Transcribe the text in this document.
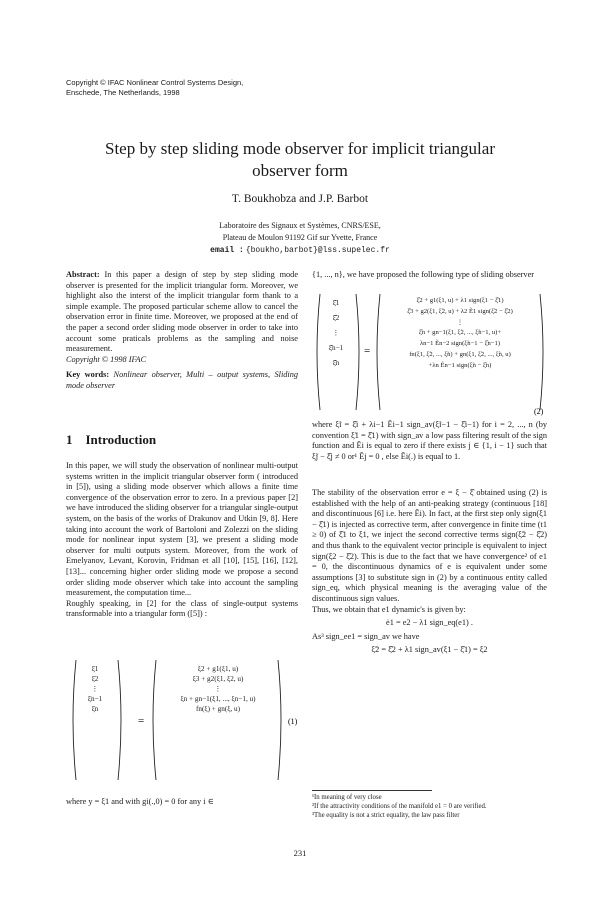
Copyright © IFAC Nonlinear Control Systems Design,
Enschede, The Netherlands, 1998
Step by step sliding mode observer for implicit triangular
observer form
T. Boukhobza and J.P. Barbot
Laboratoire des Signaux et Systèmes, CNRS/ESE,
Plateau de Moulon 91192 Gif sur Yvette, France
email : {boukho,barbot}@lss.supelec.fr
Abstract: In this paper a design of step by step sliding mode observer is presented for the implicit triangular form. Moreover, we highlight also the interst of the implicit triangular form thank to a simple example. The proposed particular scheme allow to cancel the observation error in finite time. Moreover, we proposed at the end of the paper a second order sliding mode observer in order to take into account some praticals problems as the sampling and noise measurement.
Copyright © 1998 IFAC
Key words: Nonlinear observer, Multi – output systems, Sliding mode observer
1 Introduction

In this paper, we will study the observation of nonlinear multi-output systems written in the implicit triangular observer form ( introduced in [5]), using a sliding mode observer which allows a finite time convergence of the observation error to zero. In a previous paper [2] we have introduced the sliding observer for a triangular single-output system, on the basis of the works of Drakunov and Utkin [9, 8]. Here taking into account the work of Bartoloni and Zolezzi on the sliding mode for nonlinear input system [3], we present a sliding mode observer for multi outputs system. Moreover, from the work of Emelyanov, Levant, Korovin, Fridman et all [10], [15], [16], [12], [13]... concerning higher order sliding mode we propose a second order sliding mode observer which take into account the sampling measurement, the computation time...

Roughly speaking, in [2] for the class of single-output systems transformable into a triangular form ([5]) :

=	(1)
ξ̇1
ξ̇2
⋮
ξ̇n−1
ξ̇n
ξ2 + g1(ξ1, u)
ξ3 + g2(ξ1, ξ2, u)
⋮
ξn + gn−1(ξ1, ..., ξn−1, u)
fn(ξ) + gn(ξ, u)
where y = ξ1 and with gi(.,0) = 0 for any i ∈
{1, ..., n}, we have proposed the following type of sliding observer
=
(2)
ξ̂̇1
ξ̂̇2
⋮
ξ̂̇n−1
ξ̂̇n
ξ̂2 + g1(ξ1, u) + λ1 sign(ξ1 − ξ̂1)
ξ̂3 + g2(ξ1, ξ̃2, u) + λ2 Ẽ1 sign(ξ̃2 − ξ̂2)
⋮
ξ̂n + gn−1(ξ1, ξ̃2, ..., ξ̃n−1, u)+
λn−1 Ẽn−2 sign(ξ̃n−1 − ξ̂n−1)
fn(ξ1, ξ̃2, ..., ξ̃n) + gn(ξ1, ξ̃2, ..., ξ̃n, u)
+λn Ẽn−1 sign(ξ̃n − ξ̂n)
where ξ̃i = ξ̂i + λi−1 Ẽi−1 sign_av(ξ̃i−1 − ξ̂i−1) for i = 2, ..., n (by convention ξ̃1 = ξ̂1) with sign_av a low pass filtering result of the sign function and Ẽi is equal to zero if there exists j ∈ {1, i − 1} such that ξ̃j − ξ̂j ≠ 0 or¹ Ẽj = 0 , else Ẽi(.) is equal to 1.

The stability of the observation error e = ξ − ξ̂ obtained using (2) is established with the help of an anti-peaking strategy (continuous [18] and discontinuous [6] i.e. here Ẽi). In fact, at the first step only sign(ξ1 − ξ̂1) is injected as corrective term, after convergence in finite time (t1 ≥ 0) of ξ̂1 to ξ1, we inject the second corrective terms sign(ξ̃2 − ξ̂2) and thus thank to the equivalent vector principle is equivalent to inject sign(ξ2 − ξ̂2). This is due to the fact that we have convergence² of e1 = 0, the discontinuous dynamics of e is equivalent under some assumptions [3] to substitute sign in (2) by a continuous entity called sign_eq, which physical meaning is the averaging value of the discontinuous sign values.

Thus, we obtain that e1 dynamic's is given by:

ė1 = e2 − λ1 sign_eq(e1) .

As³ sign_ee1 = sign_av we have

ξ̃2 = ξ̂2 + λ1 sign_av(ξ1 − ξ̂1) = ξ2
¹In meaning of very close
²If the attractivity conditions of the manifold e1 = 0 are verified.
³The equality is not a strict equality, the law pass filter
231
